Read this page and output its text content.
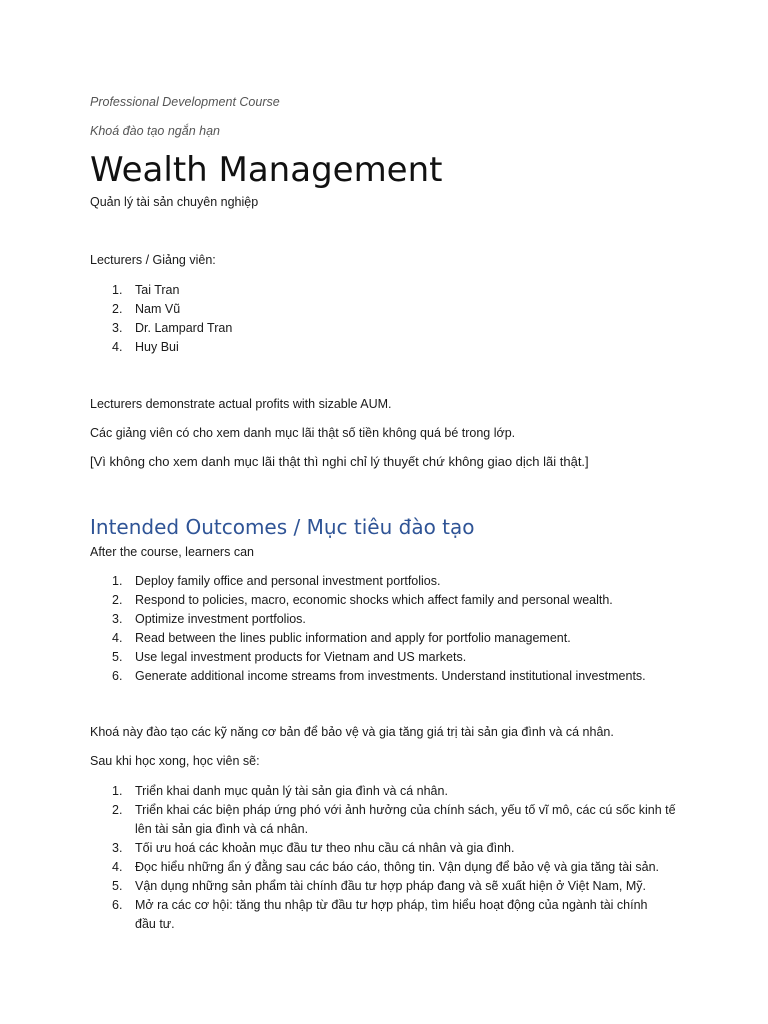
Professional Development Course
Khoá đào tạo ngắn hạn
Wealth Management
Quản lý tài sản chuyên nghiệp
Lecturers / Giảng viên:
1. Tai Tran
2. Nam Vũ
3. Dr. Lampard Tran
4. Huy Bui
Lecturers demonstrate actual profits with sizable AUM.
Các giảng viên có cho xem danh mục lãi thật số tiền không quá bé trong lớp.
[Vì không cho xem danh mục lãi thật thì nghi chỉ lý thuyết chứ không giao dịch lãi thật.]
Intended Outcomes / Mục tiêu đào tạo
After the course, learners can
1. Deploy family office and personal investment portfolios.
2. Respond to policies, macro, economic shocks which affect family and personal wealth.
3. Optimize investment portfolios.
4. Read between the lines public information and apply for portfolio management.
5. Use legal investment products for Vietnam and US markets.
6. Generate additional income streams from investments. Understand institutional investments.
Khoá này đào tạo các kỹ năng cơ bản để bảo vệ và gia tăng giá trị tài sản gia đình và cá nhân.
Sau khi học xong, học viên sẽ:
1. Triển khai danh mục quản lý tài sản gia đình và cá nhân.
2. Triển khai các biện pháp ứng phó với ảnh hưởng của chính sách, yếu tố vĩ mô, các cú sốc kinh tế
lên tài sản gia đình và cá nhân.
3. Tối ưu hoá các khoản mục đầu tư theo nhu cầu cá nhân và gia đình.
4. Đọc hiểu những ẩn ý đằng sau các báo cáo, thông tin. Vận dụng để bảo vệ và gia tăng tài sản.
5. Vận dụng những sản phẩm tài chính đầu tư hợp pháp đang và sẽ xuất hiện ở Việt Nam, Mỹ.
6. Mở ra các cơ hội: tăng thu nhập từ đầu tư hợp pháp, tìm hiểu hoạt động của ngành tài chính
đầu tư.
